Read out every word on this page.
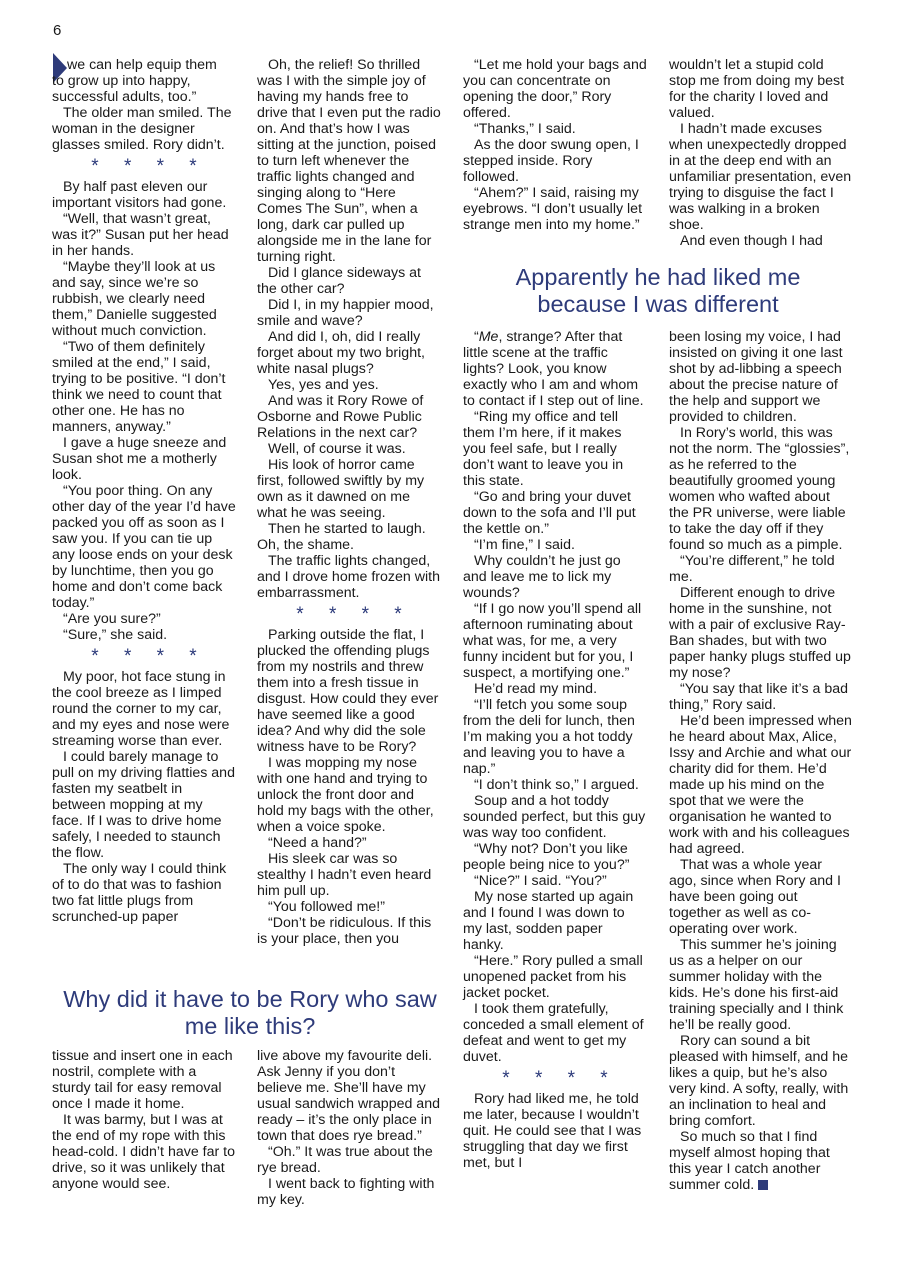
6

we can help equip them

to grow up into happy, successful adults, too.”

The older man smiled. The woman in the designer glasses smiled. Rory didn’t.

* * * *

By half past eleven our important visitors had gone.

“Well, that wasn’t great, was it?” Susan put her head in her hands.

“Maybe they’ll look at us and say, since we’re so rubbish, we clearly need them,” Danielle suggested without much conviction.

“Two of them definitely smiled at the end,” I said, trying to be positive. “I don’t think we need to count that other one. He has no manners, anyway.”

I gave a huge sneeze and Susan shot me a motherly look.

“You poor thing. On any other day of the year I’d have packed you off as soon as I saw you. If you can tie up any loose ends on your desk by lunchtime, then you go home and don’t come back today.”

“Are you sure?”

“Sure,” she said.

* * * *

My poor, hot face stung in the cool breeze as I limped round the corner to my car, and my eyes and nose were streaming worse than ever.

I could barely manage to pull on my driving flatties and fasten my seatbelt in between mopping at my face. If I was to drive home safely, I needed to staunch the flow.

The only way I could think of to do that was to fashion two fat little plugs from scrunched-up paper

Oh, the relief! So thrilled was I with the simple joy of having my hands free to drive that I even put the radio on. And that’s how I was sitting at the junction, poised to turn left whenever the traffic lights changed and singing along to “Here Comes The Sun”, when a long, dark car pulled up alongside me in the lane for turning right.

Did I glance sideways at the other car?

Did I, in my happier mood, smile and wave?

And did I, oh, did I really forget about my two bright, white nasal plugs?

Yes, yes and yes.

And was it Rory Rowe of Osborne and Rowe Public Relations in the next car?

Well, of course it was.

His look of horror came first, followed swiftly by my own as it dawned on me what he was seeing.

Then he started to laugh. Oh, the shame.

The traffic lights changed, and I drove home frozen with embarrassment.

* * * *

Parking outside the flat, I plucked the offending plugs from my nostrils and threw them into a fresh tissue in disgust. How could they ever have seemed like a good idea? And why did the sole witness have to be Rory?

I was mopping my nose with one hand and trying to unlock the front door and hold my bags with the other, when a voice spoke.

“Need a hand?”

His sleek car was so stealthy I hadn’t even heard him pull up.

“You followed me!”

“Don’t be ridiculous. If this is your place, then you

Why did it have to be Rory who saw me like this?

tissue and insert one in each nostril, complete with a sturdy tail for easy removal once I made it home.

It was barmy, but I was at the end of my rope with this head-cold. I didn’t have far to drive, so it was unlikely that anyone would see.

live above my favourite deli. Ask Jenny if you don’t believe me. She’ll have my usual sandwich wrapped and ready – it’s the only place in town that does rye bread.”

“Oh.” It was true about the rye bread.

I went back to fighting with my key.

“Let me hold your bags and you can concentrate on opening the door,” Rory offered.

“Thanks,” I said.

As the door swung open, I stepped inside. Rory followed.

“Ahem?” I said, raising my eyebrows. “I don’t usually let strange men into my home.”

wouldn’t let a stupid cold stop me from doing my best for the charity I loved and valued.

I hadn’t made excuses when unexpectedly dropped in at the deep end with an unfamiliar presentation, even trying to disguise the fact I was walking in a broken shoe.

And even though I had

Apparently he had liked me because I was different

“Me, strange? After that little scene at the traffic lights? Look, you know exactly who I am and whom to contact if I step out of line.

“Ring my office and tell them I’m here, if it makes you feel safe, but I really don’t want to leave you in this state.

“Go and bring your duvet down to the sofa and I’ll put the kettle on.”

“I’m fine,” I said.

Why couldn’t he just go and leave me to lick my wounds?

“If I go now you’ll spend all afternoon ruminating about what was, for me, a very funny incident but for you, I suspect, a mortifying one.”

He’d read my mind.

“I’ll fetch you some soup from the deli for lunch, then I’m making you a hot toddy and leaving you to have a nap.”

“I don’t think so,” I argued.

Soup and a hot toddy sounded perfect, but this guy was way too confident.

“Why not? Don’t you like people being nice to you?”

“Nice?” I said. “You?”

My nose started up again and I found I was down to my last, sodden paper hanky.

“Here.” Rory pulled a small unopened packet from his jacket pocket.

I took them gratefully, conceded a small element of defeat and went to get my duvet.

* * * *

Rory had liked me, he told me later, because I wouldn’t quit. He could see that I was struggling that day we first met, but I

been losing my voice, I had insisted on giving it one last shot by ad-libbing a speech about the precise nature of the help and support we provided to children.

In Rory’s world, this was not the norm. The “glossies”, as he referred to the beautifully groomed young women who wafted about the PR universe, were liable to take the day off if they found so much as a pimple.

“You’re different,” he told me.

Different enough to drive home in the sunshine, not with a pair of exclusive Ray-Ban shades, but with two paper hanky plugs stuffed up my nose?

“You say that like it’s a bad thing,” Rory said.

He’d been impressed when he heard about Max, Alice, Issy and Archie and what our charity did for them. He’d made up his mind on the spot that we were the organisation he wanted to work with and his colleagues had agreed.

That was a whole year ago, since when Rory and I have been going out together as well as co-operating over work.

This summer he’s joining us as a helper on our summer holiday with the kids. He’s done his first-aid training specially and I think he’ll be really good.

Rory can sound a bit pleased with himself, and he likes a quip, but he’s also very kind. A softy, really, with an inclination to heal and bring comfort.

So much so that I find myself almost hoping that this year I catch another summer cold.
